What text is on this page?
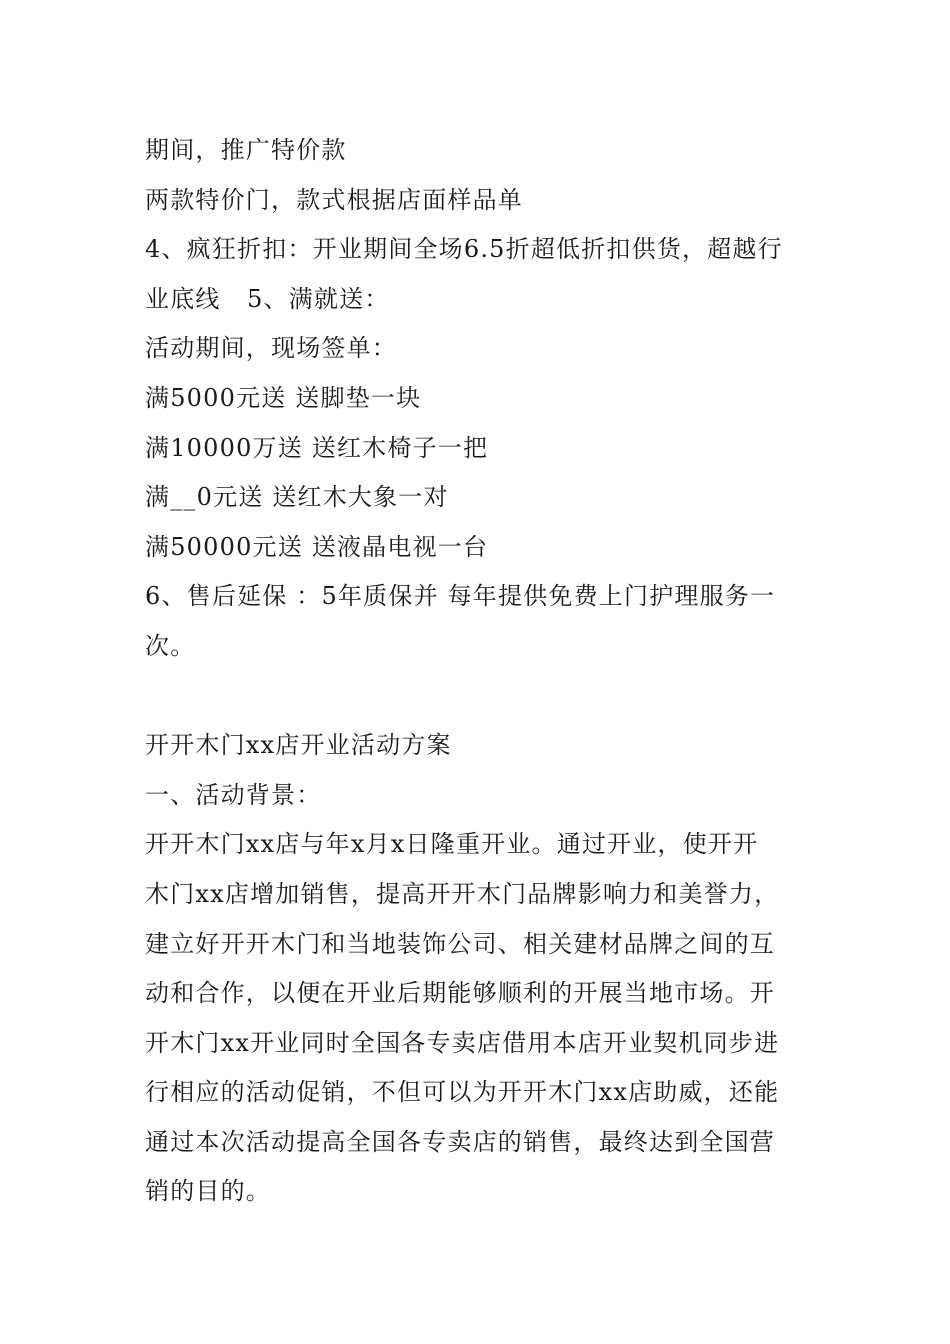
期间，推广特价款
两款特价门，款式根据店面样品单
4、疯狂折扣：开业期间全场6.5折超低折扣供货，超越行
业底线   5、满就送：
活动期间，现场签单：
满5000元送 送脚垫一块
满10000万送 送红木椅子一把
满__0元送 送红木大象一对
满50000元送 送液晶电视一台
6、售后延保 ：5年质保并 每年提供免费上门护理服务一
次。
开开木门xx店开业活动方案
一、活动背景：
开开木门xx店与年x月x日隆重开业。通过开业，使开开
木门xx店增加销售，提高开开木门品牌影响力和美誉力，
建立好开开木门和当地装饰公司、相关建材品牌之间的互
动和合作，以便在开业后期能够顺利的开展当地市场。开
开木门xx开业同时全国各专卖店借用本店开业契机同步进
行相应的活动促销，不但可以为开开木门xx店助威，还能
通过本次活动提高全国各专卖店的销售，最终达到全国营
销的目的。
